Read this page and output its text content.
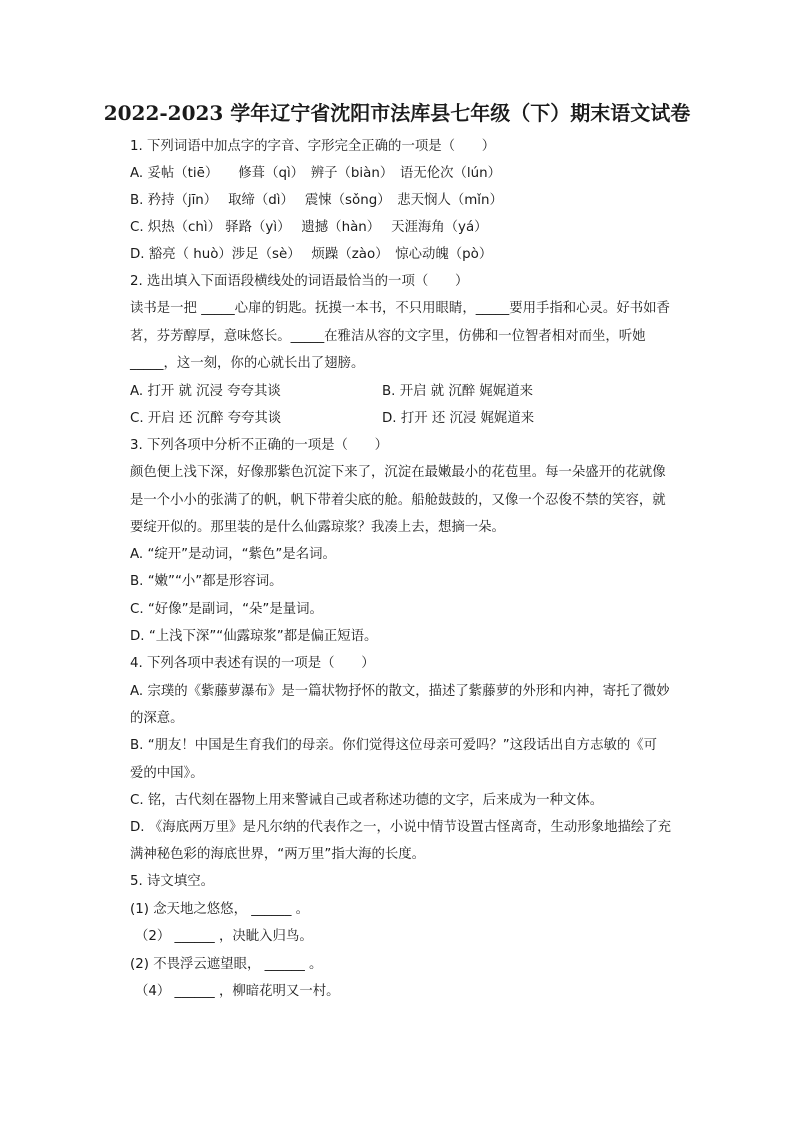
2022-2023 学年辽宁省沈阳市法库县七年级（下）期末语文试卷
1. 下列词语中加点字的字音、字形完全正确的一项是（　　）
A. 妥帖（tiē）　　修葺（qì）　辨子（biàn）　语无伦次（lún）
B. 矜持（jīn）　 取缔（dì）　 震悚（sǒng）　悲天悯人（mǐn）
C. 炽热（chì） 驿路（yì）　 遗撼（hàn）　 天涯海角（yá）
D. 豁亮（ huò）涉足（sè）　 烦躁（zào）　惊心动魄（pò）
2. 选出填入下面语段横线处的词语最恰当的一项（　　）
读书是一把 _____心扉的钥匙。抚摸一本书，不只用眼睛，_____要用手指和心灵。好书如香
茗，芬芳醇厚，意味悠长。_____在雅洁从容的文字里，仿佛和一位智者相对而坐，听她
_____，这一刻，你的心就长出了翅膀。
A. 打开 就 沉浸 夸夸其谈	B. 开启 就 沉醉 娓娓道来
C. 开启 还 沉醉 夸夸其谈	D. 打开 还 沉浸 娓娓道来
3. 下列各项中分析不正确的一项是（　　）
颜色便上浅下深，好像那紫色沉淀下来了，沉淀在最嫩最小的花苞里。每一朵盛开的花就像
是一个小小的张满了的帆，帆下带着尖底的舱。船舱鼓鼓的，又像一个忍俊不禁的笑容，就
要绽开似的。那里装的是什么仙露琼浆？我凑上去，想摘一朵。
A. “绽开”是动词，“紫色”是名词。
B. “嫩”“小”都是形容词。
C. “好像”是副词，“朵”是量词。
D. “上浅下深”“仙露琼浆”都是偏正短语。
4. 下列各项中表述有误的一项是（　　）
A. 宗璞的《紫藤萝瀑布》是一篇状物抒怀的散文，描述了紫藤萝的外形和内神，寄托了微妙
的深意。
B. “朋友！中国是生育我们的母亲。你们觉得这位母亲可爱吗？”这段话出自方志敏的《可
爱的中国》。
C. 铭，古代刻在器物上用来警诫自己或者称述功德的文字，后来成为一种文体。
D. 《海底两万里》是凡尔纳的代表作之一，小说中情节设置古怪离奇，生动形象地描绘了充
满神秘色彩的海底世界，“两万里”指大海的长度。
5. 诗文填空。
(1) 念天地之悠悠， ______ 。
（2） ______ ，决眦入归鸟。
(2) 不畏浮云遮望眼， ______ 。
（4） ______ ，柳暗花明又一村。
